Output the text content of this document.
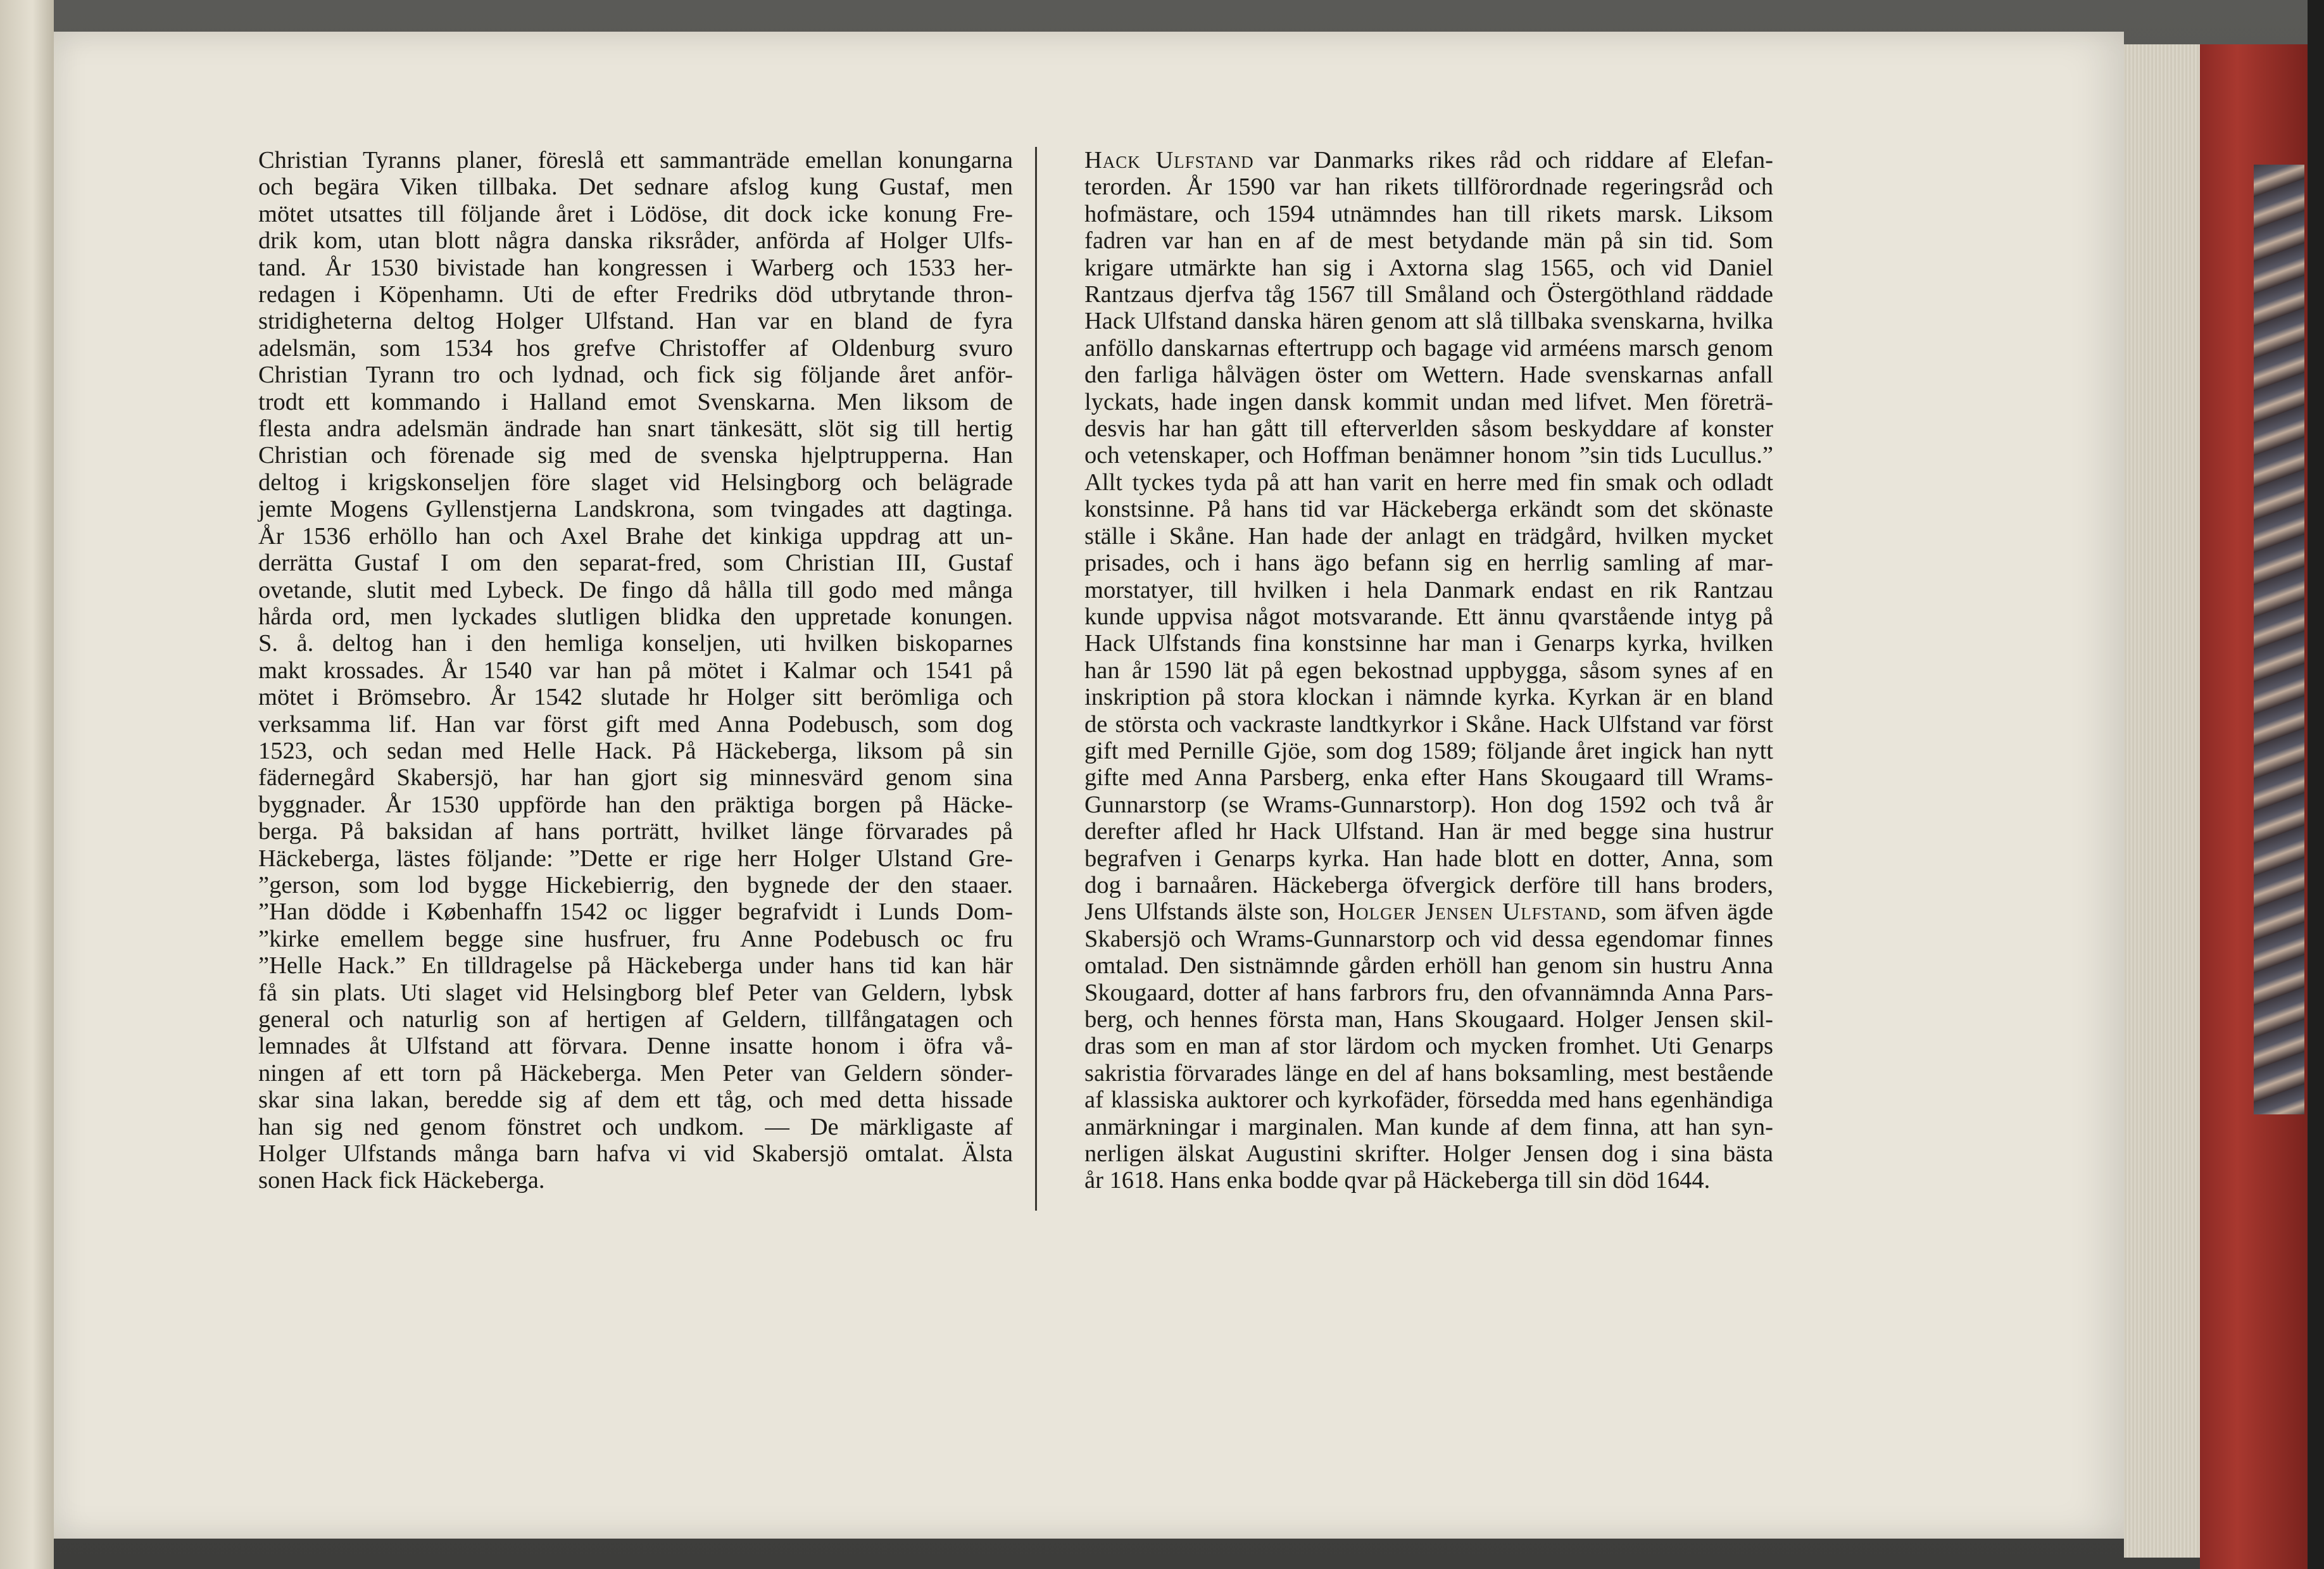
Christian Tyranns planer, föreslå ett sammanträde emellan konungarna
och begära Viken tillbaka. Det sednare afslog kung Gustaf, men
mötet utsattes till följande året i Lödöse, dit dock icke konung Fre-
drik kom, utan blott några danska riksråder, anförda af Holger Ulfs-
tand. År 1530 bivistade han kongressen i Warberg och 1533 her-
redagen i Köpenhamn. Uti de efter Fredriks död utbrytande thron-
stridigheterna deltog Holger Ulfstand. Han var en bland de fyra
adelsmän, som 1534 hos grefve Christoffer af Oldenburg svuro
Christian Tyrann tro och lydnad, och fick sig följande året anför-
trodt ett kommando i Halland emot Svenskarna. Men liksom de
flesta andra adelsmän ändrade han snart tänkesätt, slöt sig till hertig
Christian och förenade sig med de svenska hjelptrupperna. Han
deltog i krigskonseljen före slaget vid Helsingborg och belägrade
jemte Mogens Gyllenstjerna Landskrona, som tvingades att dagtinga.
År 1536 erhöllo han och Axel Brahe det kinkiga uppdrag att un-
derrätta Gustaf I om den separat-fred, som Christian III, Gustaf
ovetande, slutit med Lybeck. De fingo då hålla till godo med många
hårda ord, men lyckades slutligen blidka den uppretade konungen.
S. å. deltog han i den hemliga konseljen, uti hvilken biskoparnes
makt krossades. År 1540 var han på mötet i Kalmar och 1541 på
mötet i Brömsebro. År 1542 slutade hr Holger sitt berömliga och
verksamma lif. Han var först gift med Anna Podebusch, som dog
1523, och sedan med Helle Hack. På Häckeberga, liksom på sin
fädernegård Skabersjö, har han gjort sig minnesvärd genom sina
byggnader. År 1530 uppförde han den präktiga borgen på Häcke-
berga. På baksidan af hans porträtt, hvilket länge förvarades på
Häckeberga, lästes följande: ”Dette er rige herr Holger Ulstand Gre-
”gerson, som lod bygge Hickebierrig, den bygnede der den staaer.
”Han dödde i Københaffn 1542 oc ligger begrafvidt i Lunds Dom-
”kirke emellem begge sine husfruer, fru Anne Podebusch oc fru
”Helle Hack.” En tilldragelse på Häckeberga under hans tid kan här
få sin plats. Uti slaget vid Helsingborg blef Peter van Geldern, lybsk
general och naturlig son af hertigen af Geldern, tillfångatagen och
lemnades åt Ulfstand att förvara. Denne insatte honom i öfra vå-
ningen af ett torn på Häckeberga. Men Peter van Geldern sönder-
skar sina lakan, beredde sig af dem ett tåg, och med detta hissade
han sig ned genom fönstret och undkom. — De märkligaste af
Holger Ulfstands många barn hafva vi vid Skabersjö omtalat. Älsta
sonen Hack fick Häckeberga.
Hack Ulfstand var Danmarks rikes råd och riddare af Elefan-
terorden. År 1590 var han rikets tillförordnade regeringsråd och
hofmästare, och 1594 utnämndes han till rikets marsk. Liksom
fadren var han en af de mest betydande män på sin tid. Som
krigare utmärkte han sig i Axtorna slag 1565, och vid Daniel
Rantzaus djerfva tåg 1567 till Småland och Östergöthland räddade
Hack Ulfstand danska hären genom att slå tillbaka svenskarna, hvilka
anföllo danskarnas eftertrupp och bagage vid arméens marsch genom
den farliga hålvägen öster om Wettern. Hade svenskarnas anfall
lyckats, hade ingen dansk kommit undan med lifvet. Men företrä-
desvis har han gått till efterverlden såsom beskyddare af konster
och vetenskaper, och Hoffman benämner honom ”sin tids Lucullus.”
Allt tyckes tyda på att han varit en herre med fin smak och odladt
konstsinne. På hans tid var Häckeberga erkändt som det skönaste
ställe i Skåne. Han hade der anlagt en trädgård, hvilken mycket
prisades, och i hans ägo befann sig en herrlig samling af mar-
morstatyer, till hvilken i hela Danmark endast en rik Rantzau
kunde uppvisa något motsvarande. Ett ännu qvarstående intyg på
Hack Ulfstands fina konstsinne har man i Genarps kyrka, hvilken
han år 1590 lät på egen bekostnad uppbygga, såsom synes af en
inskription på stora klockan i nämnde kyrka. Kyrkan är en bland
de största och vackraste landtkyrkor i Skåne. Hack Ulfstand var först
gift med Pernille Gjöe, som dog 1589; följande året ingick han nytt
gifte med Anna Parsberg, enka efter Hans Skougaard till Wrams-
Gunnarstorp (se Wrams-Gunnarstorp). Hon dog 1592 och två år
derefter afled hr Hack Ulfstand. Han är med begge sina hustrur
begrafven i Genarps kyrka. Han hade blott en dotter, Anna, som
dog i barnaåren. Häckeberga öfvergick derföre till hans broders,
Jens Ulfstands älste son, Holger Jensen Ulfstand, som äfven ägde
Skabersjö och Wrams-Gunnarstorp och vid dessa egendomar finnes
omtalad. Den sistnämnde gården erhöll han genom sin hustru Anna
Skougaard, dotter af hans farbrors fru, den ofvannämnda Anna Pars-
berg, och hennes första man, Hans Skougaard. Holger Jensen skil-
dras som en man af stor lärdom och mycken fromhet. Uti Genarps
sakristia förvarades länge en del af hans boksamling, mest bestående
af klassiska auktorer och kyrkofäder, försedda med hans egenhändiga
anmärkningar i marginalen. Man kunde af dem finna, att han syn-
nerligen älskat Augustini skrifter. Holger Jensen dog i sina bästa
år 1618. Hans enka bodde qvar på Häckeberga till sin död 1644.
